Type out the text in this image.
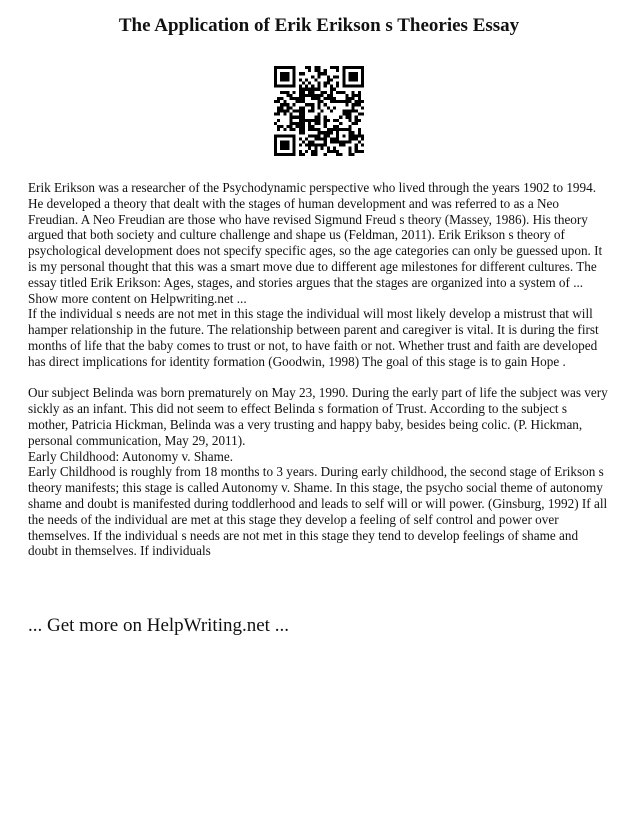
The Application of Erik Erikson s Theories Essay

Erik Erikson was a researcher of the Psychodynamic perspective who lived through the years 1902 to 1994. He developed a theory that dealt with the stages of human development and was referred to as a Neo Freudian. A Neo Freudian are those who have revised Sigmund Freud s theory (Massey, 1986). His theory argued that both society and culture challenge and shape us (Feldman, 2011). Erik Erikson s theory of psychological development does not specify specific ages, so the age categories can only be guessed upon. It is my personal thought that this was a smart move due to different age milestones for different cultures. The essay titled Erik Erikson: Ages, stages, and stories argues that the stages are organized into a system of ... Show more content on Helpwriting.net ...

If the individual s needs are not met in this stage the individual will most likely develop a mistrust that will hamper relationship in the future. The relationship between parent and caregiver is vital. It is during the first months of life that the baby comes to trust or not, to have faith or not. Whether trust and faith are developed has direct implications for identity formation (Goodwin, 1998) The goal of this stage is to gain Hope .

Our subject Belinda was born prematurely on May 23, 1990. During the early part of life the subject was very sickly as an infant. This did not seem to effect Belinda s formation of Trust. According to the subject s mother, Patricia Hickman, Belinda was a very trusting and happy baby, besides being colic. (P. Hickman, personal communication, May 29, 2011).

Early Childhood: Autonomy v. Shame.

Early Childhood is roughly from 18 months to 3 years. During early childhood, the second stage of Erikson s theory manifests; this stage is called Autonomy v. Shame. In this stage, the psycho social theme of autonomy shame and doubt is manifested during toddlerhood and leads to self will or will power. (Ginsburg, 1992) If all the needs of the individual are met at this stage they develop a feeling of self control and power over themselves. If the individual s needs are not met in this stage they tend to develop feelings of shame and doubt in themselves. If individuals

... Get more on HelpWriting.net ...
